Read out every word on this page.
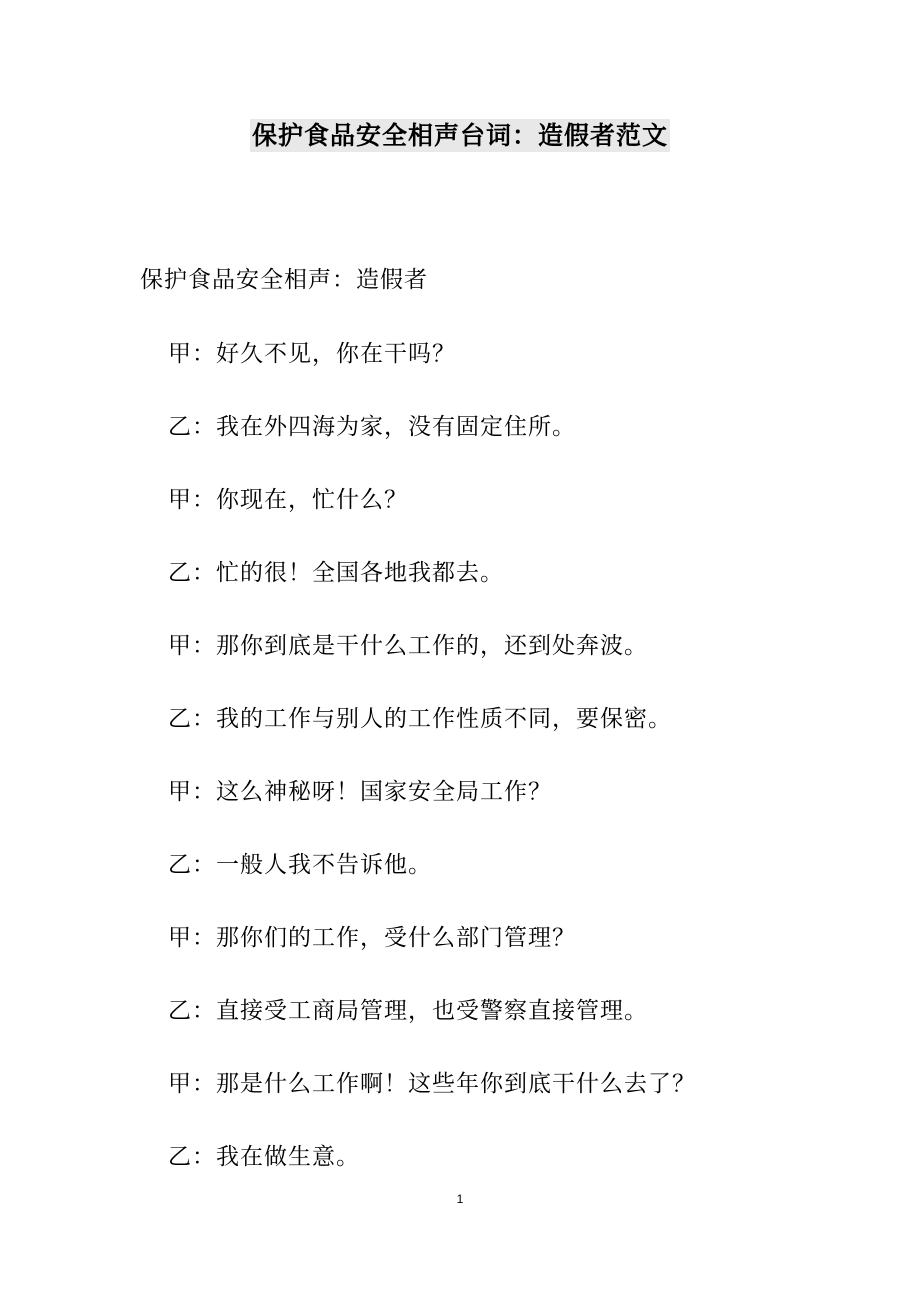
保护食品安全相声台词：造假者范文
保护食品安全相声：造假者
甲：好久不见，你在干吗？
乙：我在外四海为家，没有固定住所。
甲：你现在，忙什么？
乙：忙的很！全国各地我都去。
甲：那你到底是干什么工作的，还到处奔波。
乙：我的工作与别人的工作性质不同，要保密。
甲：这么神秘呀！国家安全局工作？
乙：一般人我不告诉他。
甲：那你们的工作，受什么部门管理？
乙：直接受工商局管理，也受警察直接管理。
甲：那是什么工作啊！这些年你到底干什么去了？
乙：我在做生意。
1
